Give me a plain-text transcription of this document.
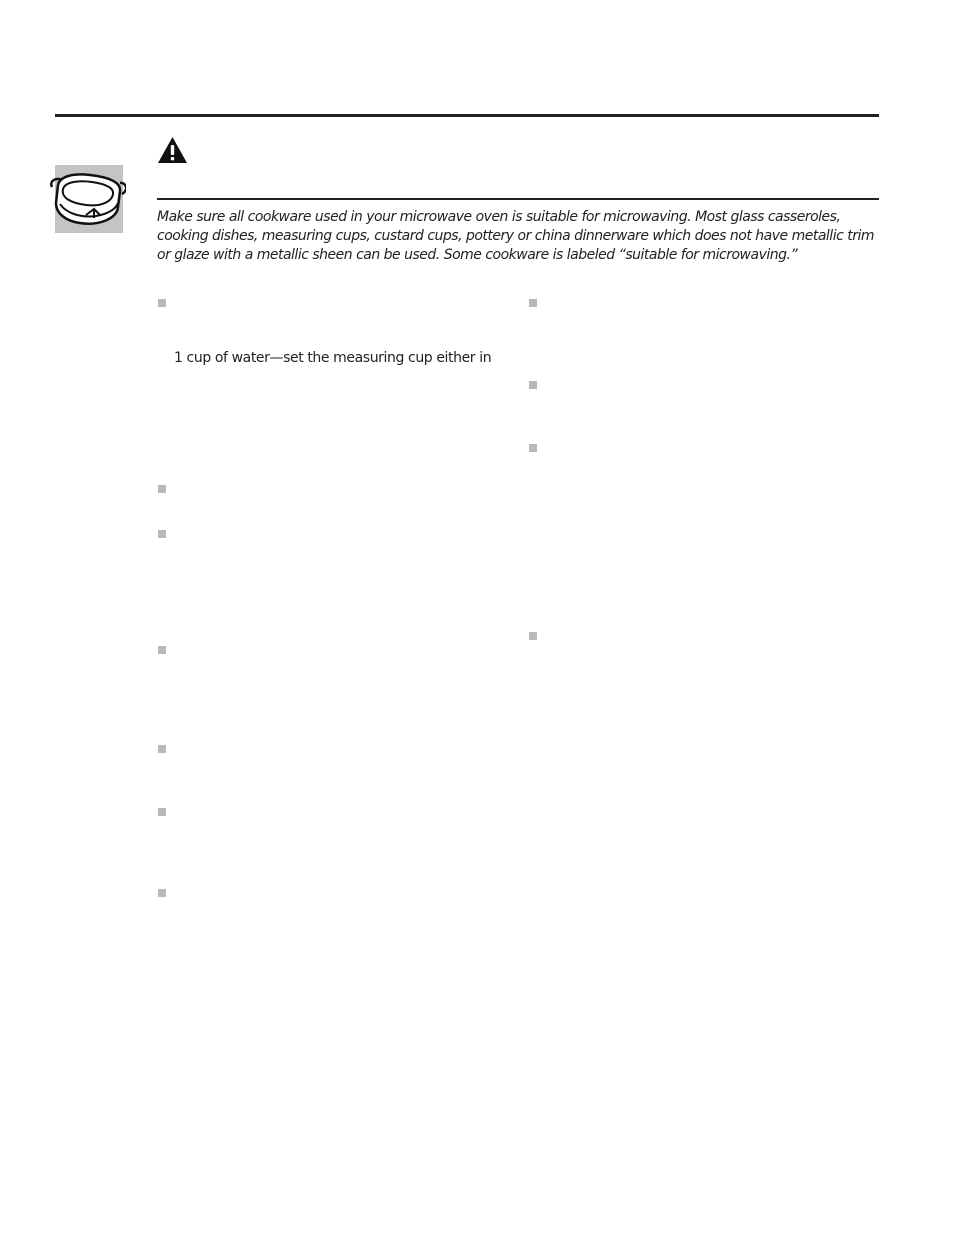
Make sure all cookware used in your microwave oven is suitable for microwaving. Most glass casseroles, cooking dishes, measuring cups, custard cups, pottery or china dinnerware which does not have metallic trim or glaze with a metallic sheen can be used. Some cookware is labeled “suitable for microwaving.”

1 cup of water—set the measuring cup either in
